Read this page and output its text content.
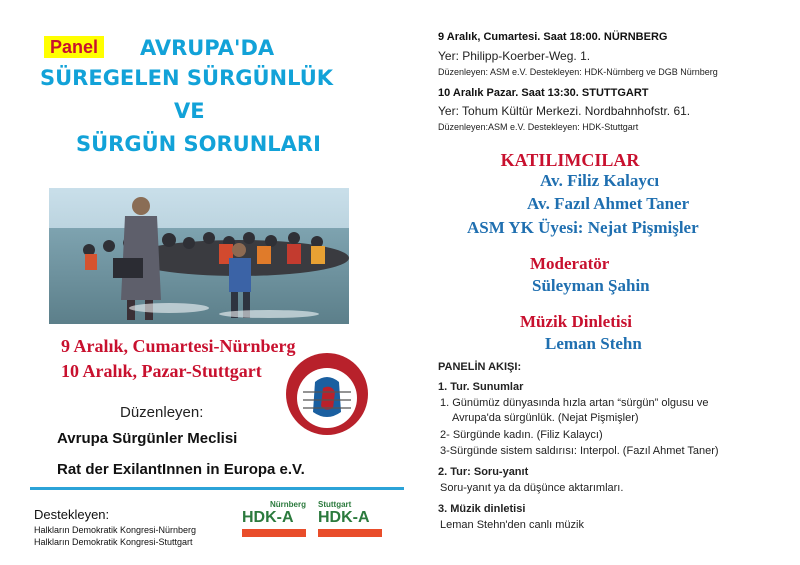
Panel AVRUPA'DA
SÜREGELEN SÜRGÜNLÜK
VE
SÜRGÜN SORUNLARI
9 Aralık, Cumartesi-Nürnberg
10 Aralık, Pazar-Stuttgart
Düzenleyen:
Avrupa Sürgünler Meclisi
Rat der ExilantInnen in Europa e.V.
Destekleyen:
Halkların Demokratik Kongresi-Nürnberg
Halkların Demokratik Kongresi-Stuttgart
Nürnberg
HDK-A
Stuttgart
HDK-A
9 Aralık, Cumartesi. Saat 18:00. NÜRNBERG
Yer: Philipp-Koerber-Weg. 1.
Düzenleyen: ASM e.V. Destekleyen: HDK-Nürnberg ve DGB Nürnberg
10 Aralık Pazar. Saat 13:30. STUTTGART
Yer: Tohum Kültür Merkezi. Nordbahnhofstr. 61.
Düzenleyen:ASM e.V. Destekleyen: HDK-Stuttgart
KATILIMCILAR
Av. Filiz Kalaycı
Av. Fazıl Ahmet Taner
ASM YK Üyesi: Nejat Pişmişler
Moderatör
Süleyman Şahin
Müzik Dinletisi
Leman Stehn
PANELİN AKIŞI:
1. Tur. Sunumlar
1. Günümüz dünyasında hızla artan “sürgün” olgusu ve
Avrupa'da sürgünlük. (Nejat Pişmişler)
2- Sürgünde kadın. (Filiz Kalaycı)
3-Sürgünde sistem saldırısı: Interpol. (Fazıl Ahmet Taner)
2. Tur: Soru-yanıt
Soru-yanıt ya da düşünce aktarımları.
3. Müzik dinletisi
Leman Stehn'den canlı müzik
